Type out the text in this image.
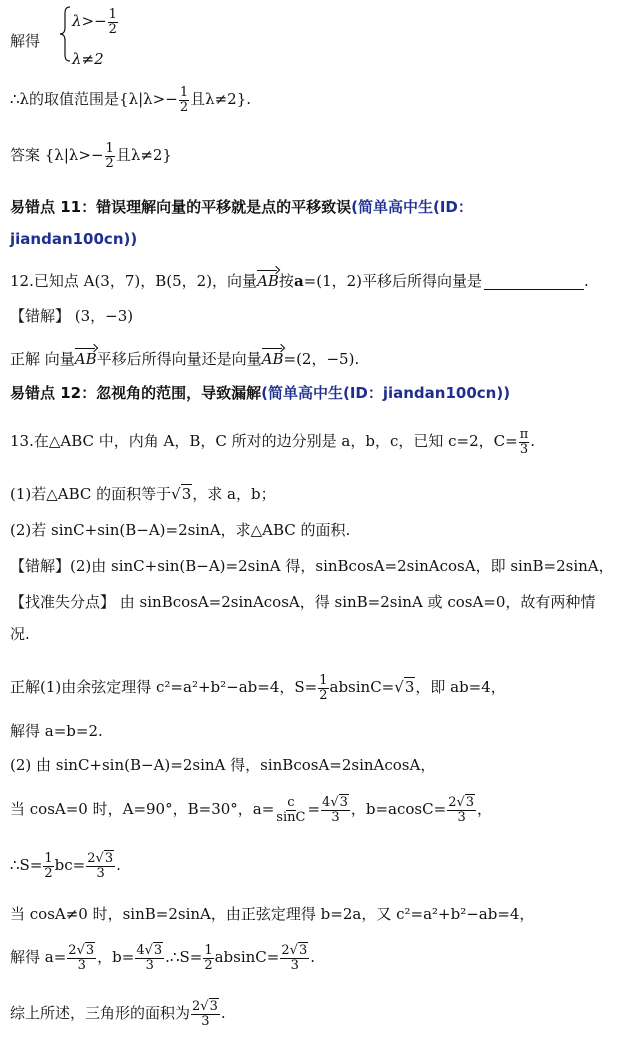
解得
$\lambda>- \frac{1}{2}$
λ≠2
∴λ的取值范围是{$\lambda|\lambda>- \frac{1}{2}$ 且λ≠2}.
答案 {$\lambda|\lambda>- \frac{1}{2}$ 且λ≠2}
易错点 11：错误理解向量的平移就是点的平移致误(简单高中生(ID：
jiandan100cn))
12.已知点 A(3，7)，B(5，2)，向量AB按a=(1，2)平移后所得向量是	.
【错解】 (3，−3)
正解 向量AB平移后所得向量还是向量AB=(2，−5).
易错点 12：忽视角的范围，导致漏解(简单高中生(ID：jiandan100cn))
13.在△ABC 中，内角 A，B，C 所对的边分别是 a，b，c，已知 c=2，$C= \frac{\pi}{3}$ .
(1)若△ABC 的面积等于√3，求 a，b；
(2)若 sinC+sin(B−A)=2sinA，求△ABC 的面积.
【错解】(2)由 sinC+sin(B−A)=2sinA 得，sinBcosA=2sinAcosA，即 sinB=2sinA，
【找准失分点】 由 sinBcosA=2sinAcosA，得 sinB=2sinA 或 cosA=0，故有两种情
况.
正解(1)由余弦定理得 c²=a²+b²−ab=4，$S= \frac{1}{2} absinC=√3$，即 ab=4，
解得 a=b=2.
(2) 由 sinC+sin(B−A)=2sinA 得，sinBcosA=2sinAcosA，
当 cosA=0 时，A=90°，B=30°，$a= \frac{c}{\sin C} = \frac{4√3}{3}$ ，$b=acosC= \frac{2√3}{3}$ ，
∴S= $\frac{1}{2} bc= \frac{2√3}{3}$ .
当 cosA≠0 时，sinB=2sinA，由正弦定理得 b=2a，又 c²=a²+b²−ab=4，
解得 $a= \frac{2√3}{3}$ ，$b= \frac{4√3}{3}$ .∴S= $\frac{1}{2} absinC= \frac{2√3}{3}$ .
综上所述，三角形的面积为 $\frac{2√3}{3}$ .
